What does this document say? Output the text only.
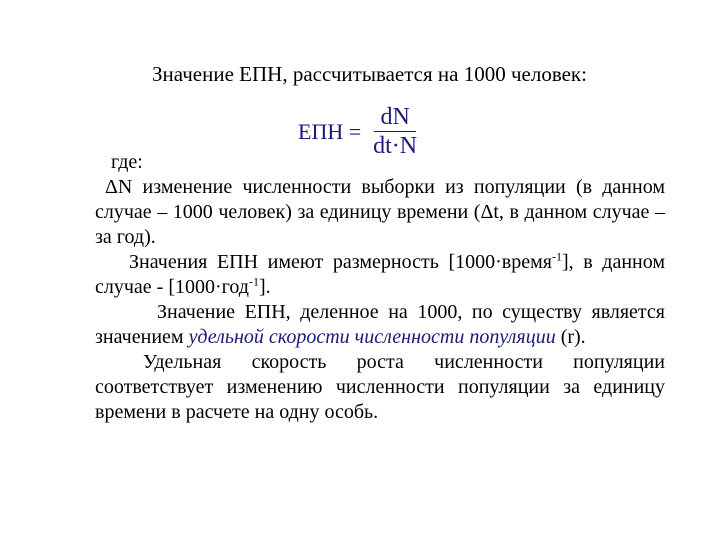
Значение ЕПН, рассчитывается на 1000 человек:
ЕПН = $\frac{dN}{dt\cdot N}$

где:

ΔN изменение численности выборки из популяции (в данном случае – 1000 человек) за единицу времени (Δt, в данном случае – за год).

Значения ЕПН имеют размерность [1000·время$^{-1}$], в данном случае - [1000·год$^{-1}$].

Значение ЕПН, деленное на 1000, по существу является значением удельной скорости численности популяции (r).

Удельная скорость роста численности популяции соответствует изменению численности популяции за единицу времени в расчете на одну особь.
